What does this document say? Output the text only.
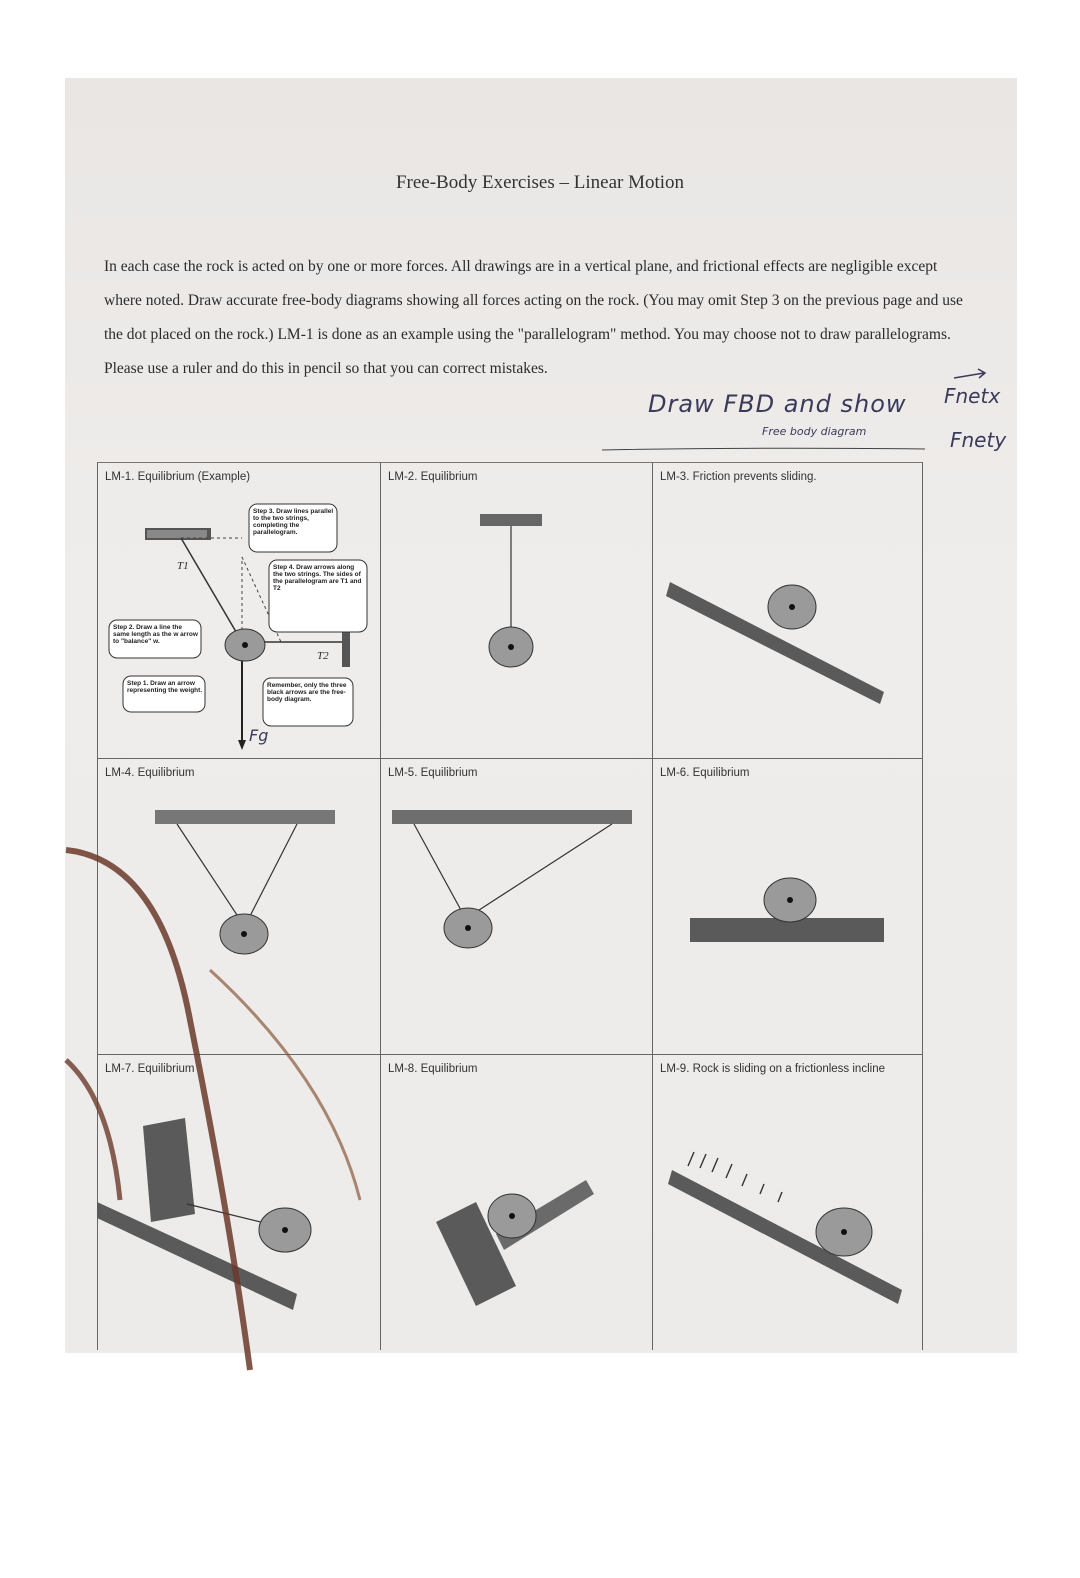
Free-Body Exercises – Linear Motion
In each case the rock is acted on by one or more forces. All drawings are in a vertical plane, and frictional effects are negligible except where noted. Draw accurate free-body diagrams showing all forces acting on the rock. (You may omit Step 3 on the previous page and use the dot placed on the rock.) LM-1 is done as an example using the "parallelogram" method. You may choose not to draw parallelograms. Please use a ruler and do this in pencil so that you can correct mistakes.
Draw FBD and show
Free body diagram
Fnetx
Fnety
LM-1. Equilibrium (Example)
Step 3. Draw lines parallel to the two strings, completing the parallelogram.
Step 4. Draw arrows along the two strings. The sides of the parallelogram are T1 and T2
Step 2. Draw a line the same length as the w arrow to "balance" w.
Step 1. Draw an arrow representing the weight.
Remember, only the three black arrows are the free-body diagram.
T1
T2
Fg
LM-2. Equilibrium	LM-3. Friction prevents sliding.
LM-4. Equilibrium	LM-5. Equilibrium	LM-6. Equilibrium
LM-7. Equilibrium	LM-8. Equilibrium	LM-9. Rock is sliding on a frictionless incline
